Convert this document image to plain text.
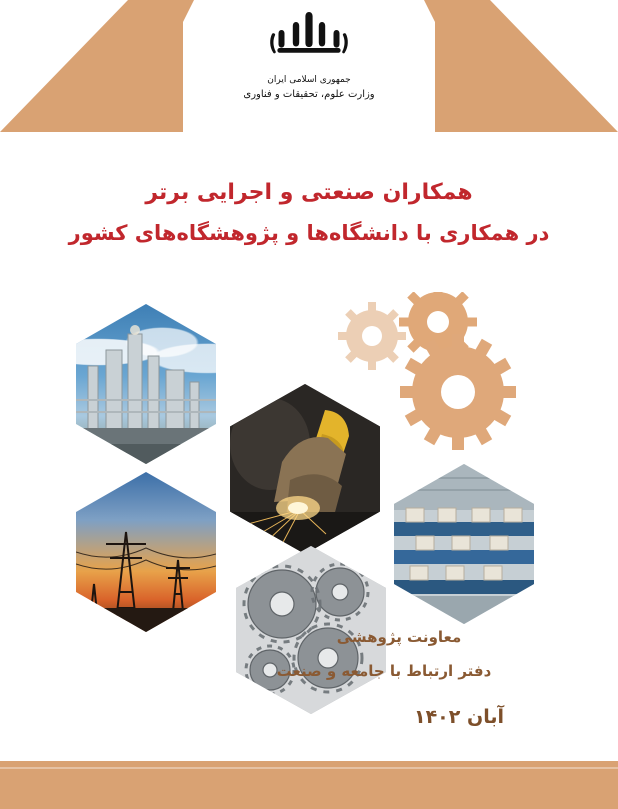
جمهوری اسلامی ایران
وزارت علوم، تحقیقات و فناوری
همکاران صنعتی و اجرایی برتر
در همکاری با دانشگاه‌ها و پژوهشگاه‌های کشور
معاونت پژوهشی
دفتر ارتباط با جامعه و صنعت
آبان ۱۴۰۲
